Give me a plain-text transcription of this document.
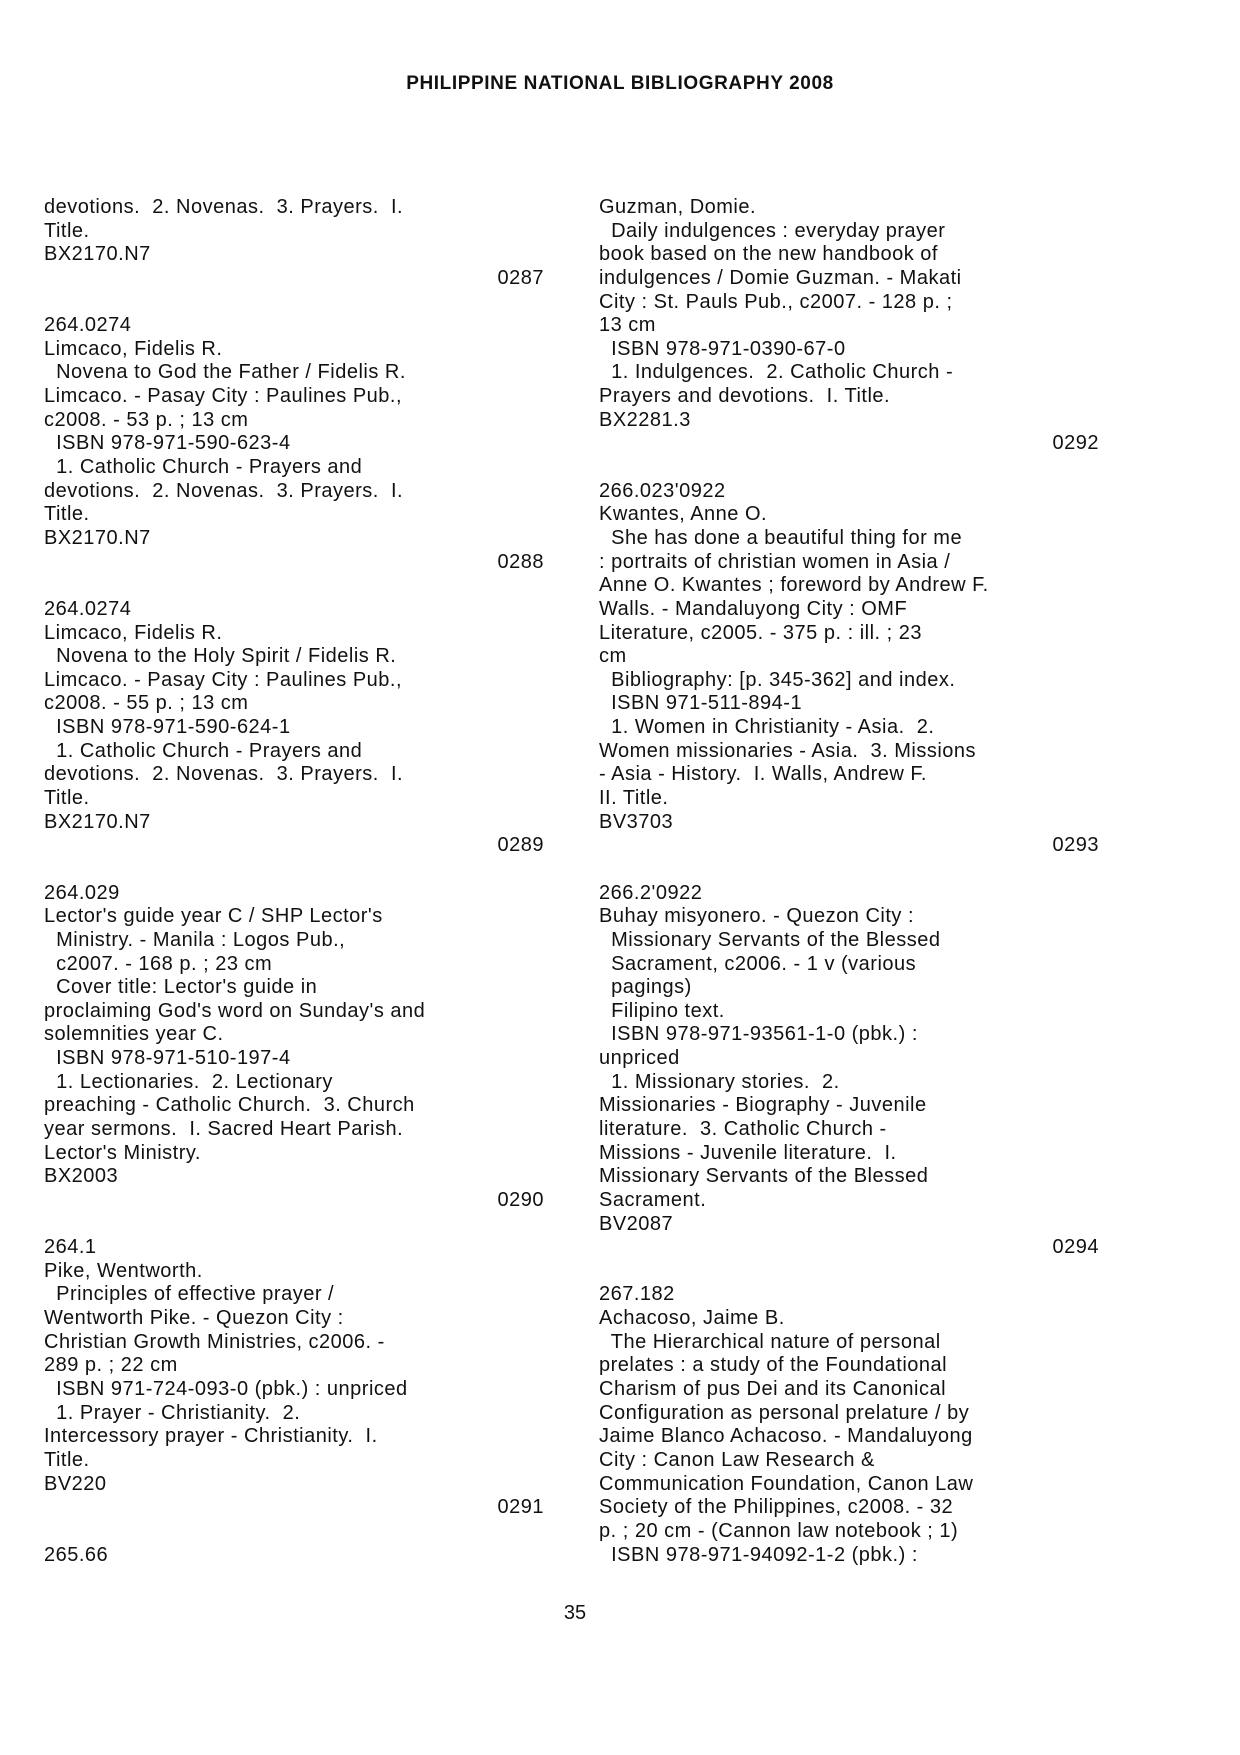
PHILIPPINE NATIONAL BIBLIOGRAPHY 2008
devotions.  2. Novenas.  3. Prayers.  I.
Title.
BX2170.N7
0287
264.0274
Limcaco, Fidelis R.
Novena to God the Father / Fidelis R.
Limcaco. - Pasay City : Paulines Pub.,
c2008. - 53 p. ; 13 cm
ISBN 978-971-590-623-4
1. Catholic Church - Prayers and
devotions.  2. Novenas.  3. Prayers.  I.
Title.
BX2170.N7
0288
264.0274
Limcaco, Fidelis R.
Novena to the Holy Spirit / Fidelis R.
Limcaco. - Pasay City : Paulines Pub.,
c2008. - 55 p. ; 13 cm
ISBN 978-971-590-624-1
1. Catholic Church - Prayers and
devotions.  2. Novenas.  3. Prayers.  I.
Title.
BX2170.N7
0289
264.029
Lector's guide year C / SHP Lector's
Ministry. - Manila : Logos Pub.,
c2007. - 168 p. ; 23 cm
Cover title: Lector's guide in
proclaiming God's word on Sunday's and
solemnities year C.
ISBN 978-971-510-197-4
1. Lectionaries.  2. Lectionary
preaching - Catholic Church.  3. Church
year sermons.  I. Sacred Heart Parish.
Lector's Ministry.
BX2003
0290
264.1
Pike, Wentworth.
Principles of effective prayer /
Wentworth Pike. - Quezon City :
Christian Growth Ministries, c2006. -
289 p. ; 22 cm
ISBN 971-724-093-0 (pbk.) : unpriced
1. Prayer - Christianity.  2.
Intercessory prayer - Christianity.  I.
Title.
BV220
0291
265.66
Guzman, Domie.
Daily indulgences : everyday prayer
book based on the new handbook of
indulgences / Domie Guzman. - Makati
City : St. Pauls Pub., c2007. - 128 p. ;
13 cm
ISBN 978-971-0390-67-0
1. Indulgences.  2. Catholic Church -
Prayers and devotions.  I. Title.
BX2281.3
0292
266.023'0922
Kwantes, Anne O.
She has done a beautiful thing for me
: portraits of christian women in Asia /
Anne O. Kwantes ; foreword by Andrew F.
Walls. - Mandaluyong City : OMF
Literature, c2005. - 375 p. : ill. ; 23
cm
Bibliography: [p. 345-362] and index.
ISBN 971-511-894-1
1. Women in Christianity - Asia.  2.
Women missionaries - Asia.  3. Missions
- Asia - History.  I. Walls, Andrew F.
II. Title.
BV3703
0293
266.2'0922
Buhay misyonero. - Quezon City :
Missionary Servants of the Blessed
Sacrament, c2006. - 1 v (various
pagings)
Filipino text.
ISBN 978-971-93561-1-0 (pbk.) :
unpriced
1. Missionary stories.  2.
Missionaries - Biography - Juvenile
literature.  3. Catholic Church -
Missions - Juvenile literature.  I.
Missionary Servants of the Blessed
Sacrament.
BV2087
0294
267.182
Achacoso, Jaime B.
The Hierarchical nature of personal
prelates : a study of the Foundational
Charism of pus Dei and its Canonical
Configuration as personal prelature / by
Jaime Blanco Achacoso. - Mandaluyong
City : Canon Law Research &
Communication Foundation, Canon Law
Society of the Philippines, c2008. - 32
p. ; 20 cm - (Cannon law notebook ; 1)
ISBN 978-971-94092-1-2 (pbk.) :
35
